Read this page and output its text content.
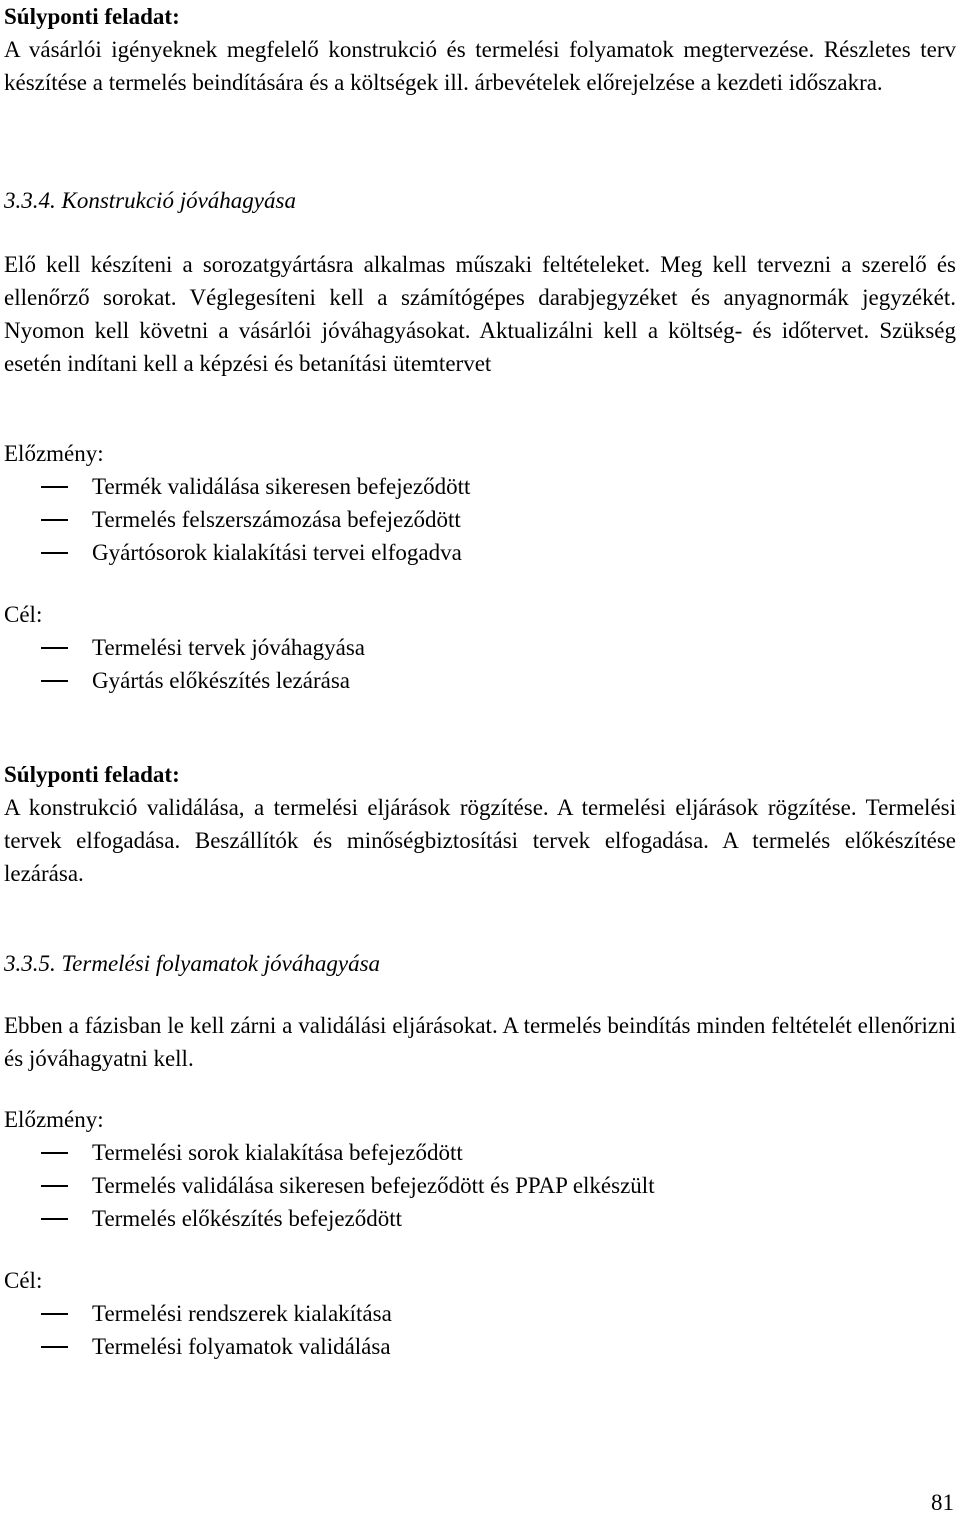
Súlyponti feladat:
A vásárlói igényeknek megfelelő konstrukció és termelési folyamatok megtervezése. Részletes terv készítése a termelés beindítására és a költségek ill. árbevételek előrejelzése a kezdeti időszakra.
3.3.4. Konstrukció jóváhagyása
Elő kell készíteni a sorozatgyártásra alkalmas műszaki feltételeket. Meg kell tervezni a szerelő és ellenőrző sorokat. Véglegesíteni kell a számítógépes darabjegyzéket és anyagnormák jegyzékét. Nyomon kell követni a vásárlói jóváhagyásokat. Aktualizálni kell a költség- és időtervet. Szükség esetén indítani kell a képzési és betanítási ütemtervet
Előzmény:
Termék validálása sikeresen befejeződött
Termelés felszerszámozása befejeződött
Gyártósorok kialakítási tervei elfogadva
Cél:
Termelési tervek jóváhagyása
Gyártás előkészítés lezárása
Súlyponti feladat:
A konstrukció validálása, a termelési eljárások rögzítése. A termelési eljárások rögzítése. Termelési tervek elfogadása. Beszállítók és minőségbiztosítási tervek elfogadása. A termelés előkészítése lezárása.
3.3.5. Termelési folyamatok jóváhagyása
Ebben a fázisban le kell zárni a validálási eljárásokat. A termelés beindítás minden feltételét ellenőrizni és jóváhagyatni kell.
Előzmény:
Termelési sorok kialakítása befejeződött
Termelés validálása sikeresen befejeződött és PPAP elkészült
Termelés előkészítés befejeződött
Cél:
Termelési rendszerek kialakítása
Termelési folyamatok validálása
81
